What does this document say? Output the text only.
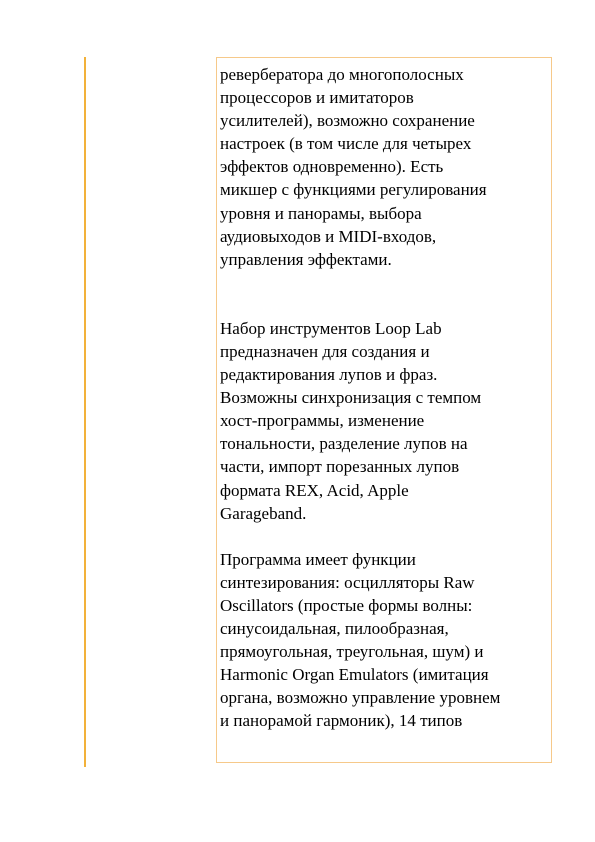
ревербератора до многополосных
процессоров и имитаторов
усилителей), возможно сохранение
настроек (в том числе для четырех
эффектов одновременно). Есть
микшер с функциями регулирования
уровня и панорамы, выбора
аудиовыходов и MIDI-входов,
управления эффектами.

Набор инструментов Loop Lab
предназначен для создания и
редактирования лупов и фраз.
Возможны синхронизация с темпом
хост-программы, изменение
тональности, разделение лупов на
части, импорт порезанных лупов
формата REX, Acid, Apple
Garageband.

Программа имеет функции
синтезирования: осцилляторы Raw
Oscillators (простые формы волны:
синусоидальная, пилообразная,
прямоугольная, треугольная, шум) и
Harmonic Organ Emulators (имитация
органа, возможно управление уровнем
и панорамой гармоник), 14 типов
